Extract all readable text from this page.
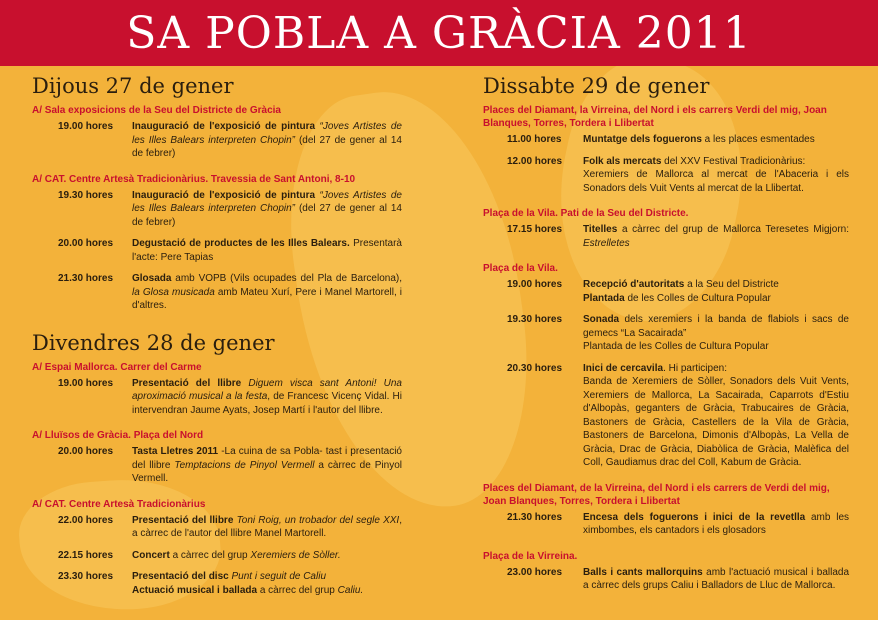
SA POBLA A GRÀCIA 2011
Dijous 27 de gener
A/ Sala exposicions de la Seu del Districte de Gràcia
19.00 hores	Inauguració de l'exposició de pintura “Joves Artistes de les Illes Balears interpreten Chopin” (del 27 de gener al 14 de febrer)
A/ CAT. Centre Artesà Tradicionàrius. Travessia de Sant Antoni, 8-10
19.30 hores	Inauguració de l'exposició de pintura “Joves Artistes de les Illes Balears interpreten Chopin” (del 27 de gener al 14 de febrer)
20.00 hores	Degustació de productes de les Illes Balears. Presentarà l'acte: Pere Tapias
21.30 hores	Glosada amb VOPB (Vils ocupades del Pla de Barcelona), la Glosa musicada amb Mateu Xurí, Pere i Manel Martorell, i d'altres.
Divendres 28 de gener
A/ Espai Mallorca. Carrer del Carme
19.00 hores	Presentació del llibre Diguem visca sant Antoni! Una aproximació musical a la festa, de Francesc Vicenç Vidal. Hi intervendran Jaume Ayats, Josep Martí i l'autor del llibre.
A/ Lluïsos de Gràcia. Plaça del Nord
20.00 hores	Tasta Lletres 2011 -La cuina de sa Pobla- tast i presentació del llibre Temptacions de Pinyol Vermell a càrrec de Pinyol Vermell.
A/ CAT. Centre Artesà Tradicionàrius
22.00 hores	Presentació del llibre Toni Roig, un trobador del segle XXI, a càrrec de l'autor del llibre Manel Martorell.
22.15 hores	Concert a càrrec del grup Xeremiers de Sòller.
23.30 hores	Presentació del disc Punt i seguit de Caliu
Actuació musical i ballada a càrrec del grup Caliu.
Dissabte 29 de gener
Places del Diamant, la Virreina, del Nord i els carrers Verdi del mig, Joan Blanques, Torres, Tordera i Llibertat
11.00 hores	Muntatge dels foguerons a les places esmentades
12.00 hores	Folk als mercats del XXV Festival Tradicionàrius:
Xeremiers de Mallorca al mercat de l'Abaceria i els Sonadors dels Vuit Vents al mercat de la Llibertat.
Plaça de la Vila. Pati de la Seu del Districte.
17.15 hores	Titelles a càrrec del grup de Mallorca Teresetes Migjorn: Estrelletes
Plaça de la Vila.
19.00 hores	Recepció d'autoritats a la Seu del Districte
Plantada de les Colles de Cultura Popular
19.30 hores	Sonada dels xeremiers i la banda de flabiols i sacs de gemecs “La Sacairada”
Plantada de les Colles de Cultura Popular
20.30 hores	Inici de cercavila. Hi participen:
Banda de Xeremiers de Sòller, Sonadors dels Vuit Vents, Xeremiers de Mallorca, La Sacairada, Caparrots d'Estiu d'Albopàs, geganters de Gràcia, Trabucaires de Gràcia, Bastoners de Gràcia, Castellers de la Vila de Gràcia, Bastoners de Barcelona, Dimonis d'Albopàs, La Vella de Gràcia, Drac de Gràcia, Diabòlica de Gràcia, Malèfica del Coll, Gaudiamus drac del Coll, Kabum de Gràcia.
Places del Diamant, de la Virreina, del Nord i els carrers de Verdi del mig, Joan Blanques, Torres, Tordera i Llibertat
21.30 hores	Encesa dels foguerons i inici de la revetlla amb les ximbombes, els cantadors i els glosadors
Plaça de la Virreina.
23.00 hores	Balls i cants mallorquins amb l'actuació musical i ballada a càrrec dels grups Caliu i Balladors de Lluc de Mallorca.
